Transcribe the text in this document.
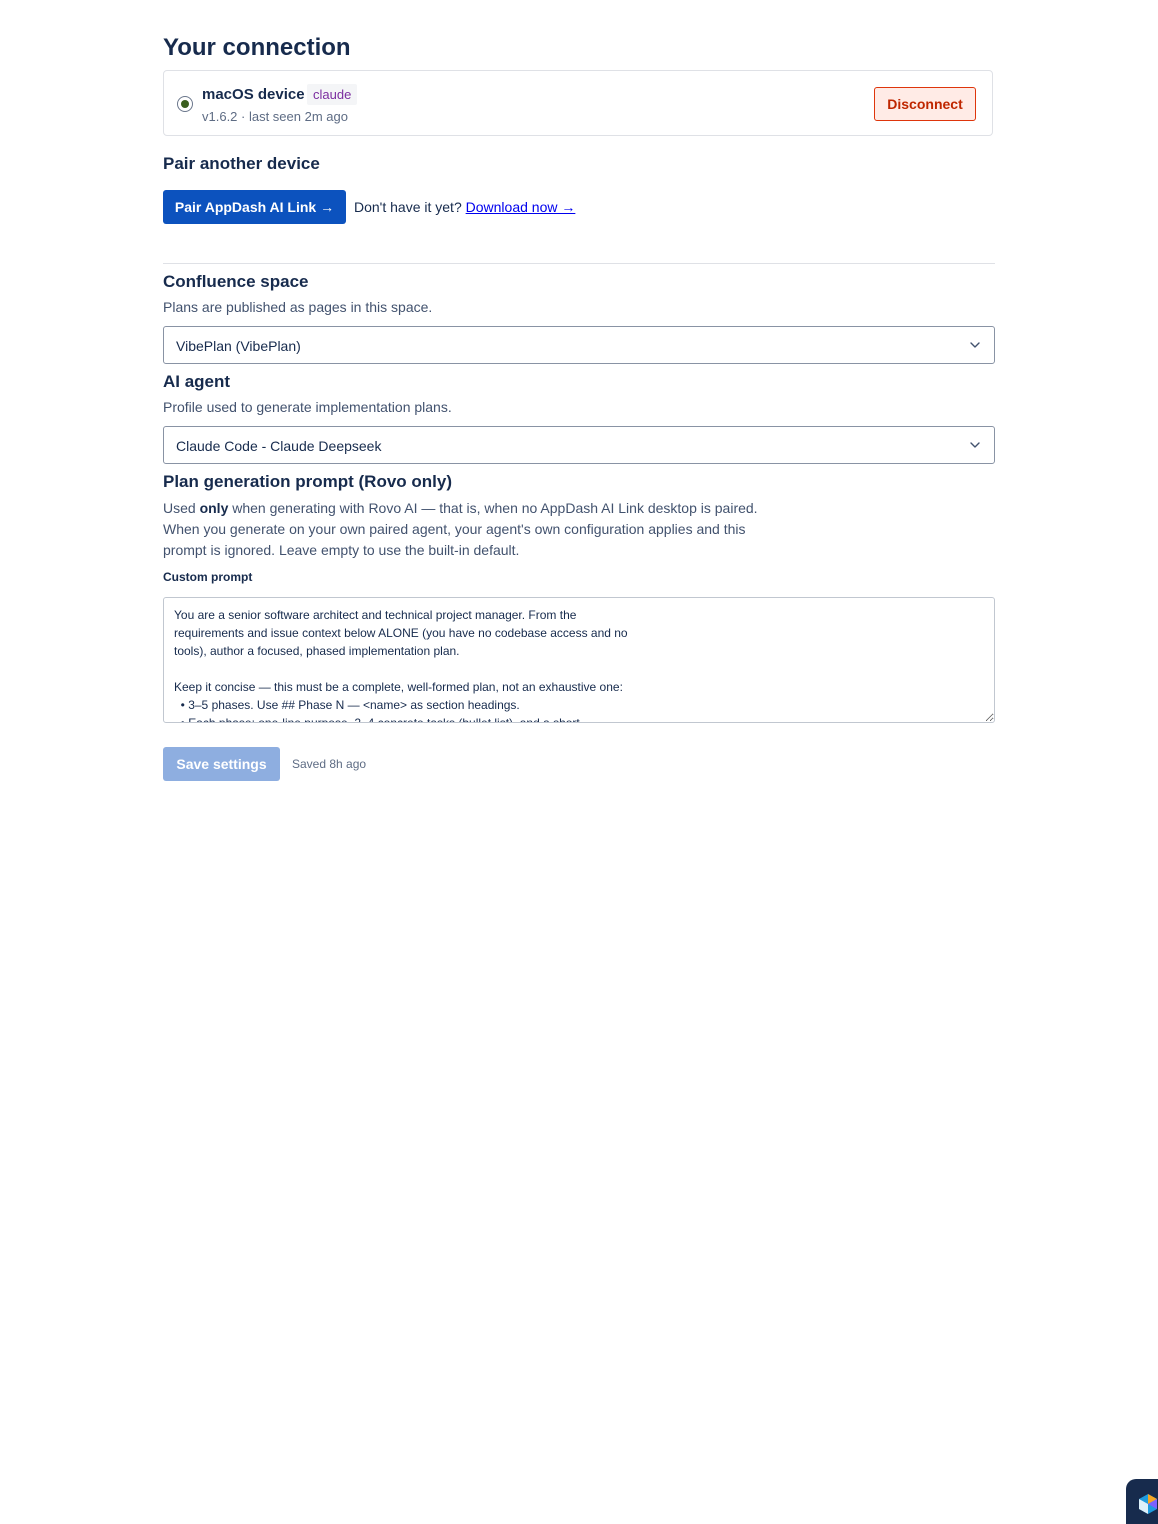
Your connection
macOS device claude
v1.6.2 · last seen 2m ago
Disconnect
Pair another device
Pair AppDash AI Link →	Don't have it yet? Download now →
Confluence space
Plans are published as pages in this space.
VibePlan (VibePlan)
AI agent
Profile used to generate implementation plans.
Claude Code - Claude Deepseek
Plan generation prompt (Rovo only)
Used only when generating with Rovo AI — that is, when no AppDash AI Link desktop is paired. When you generate on your own paired agent, your agent's own configuration applies and this prompt is ignored. Leave empty to use the built-in default.
Custom prompt
You are a senior software architect and technical project manager. From the requirements and issue context below ALONE (you have no codebase access and no tools), author a focused, phased implementation plan. Keep it concise — this must be a complete, well-formed plan, not an exhaustive one: • 3–5 phases. Use ## Phase N — <name> as section headings. • Each phase: one-line purpose, 2–4 concrete tasks (bullet list), and a short
Save settings	Saved 8h ago
